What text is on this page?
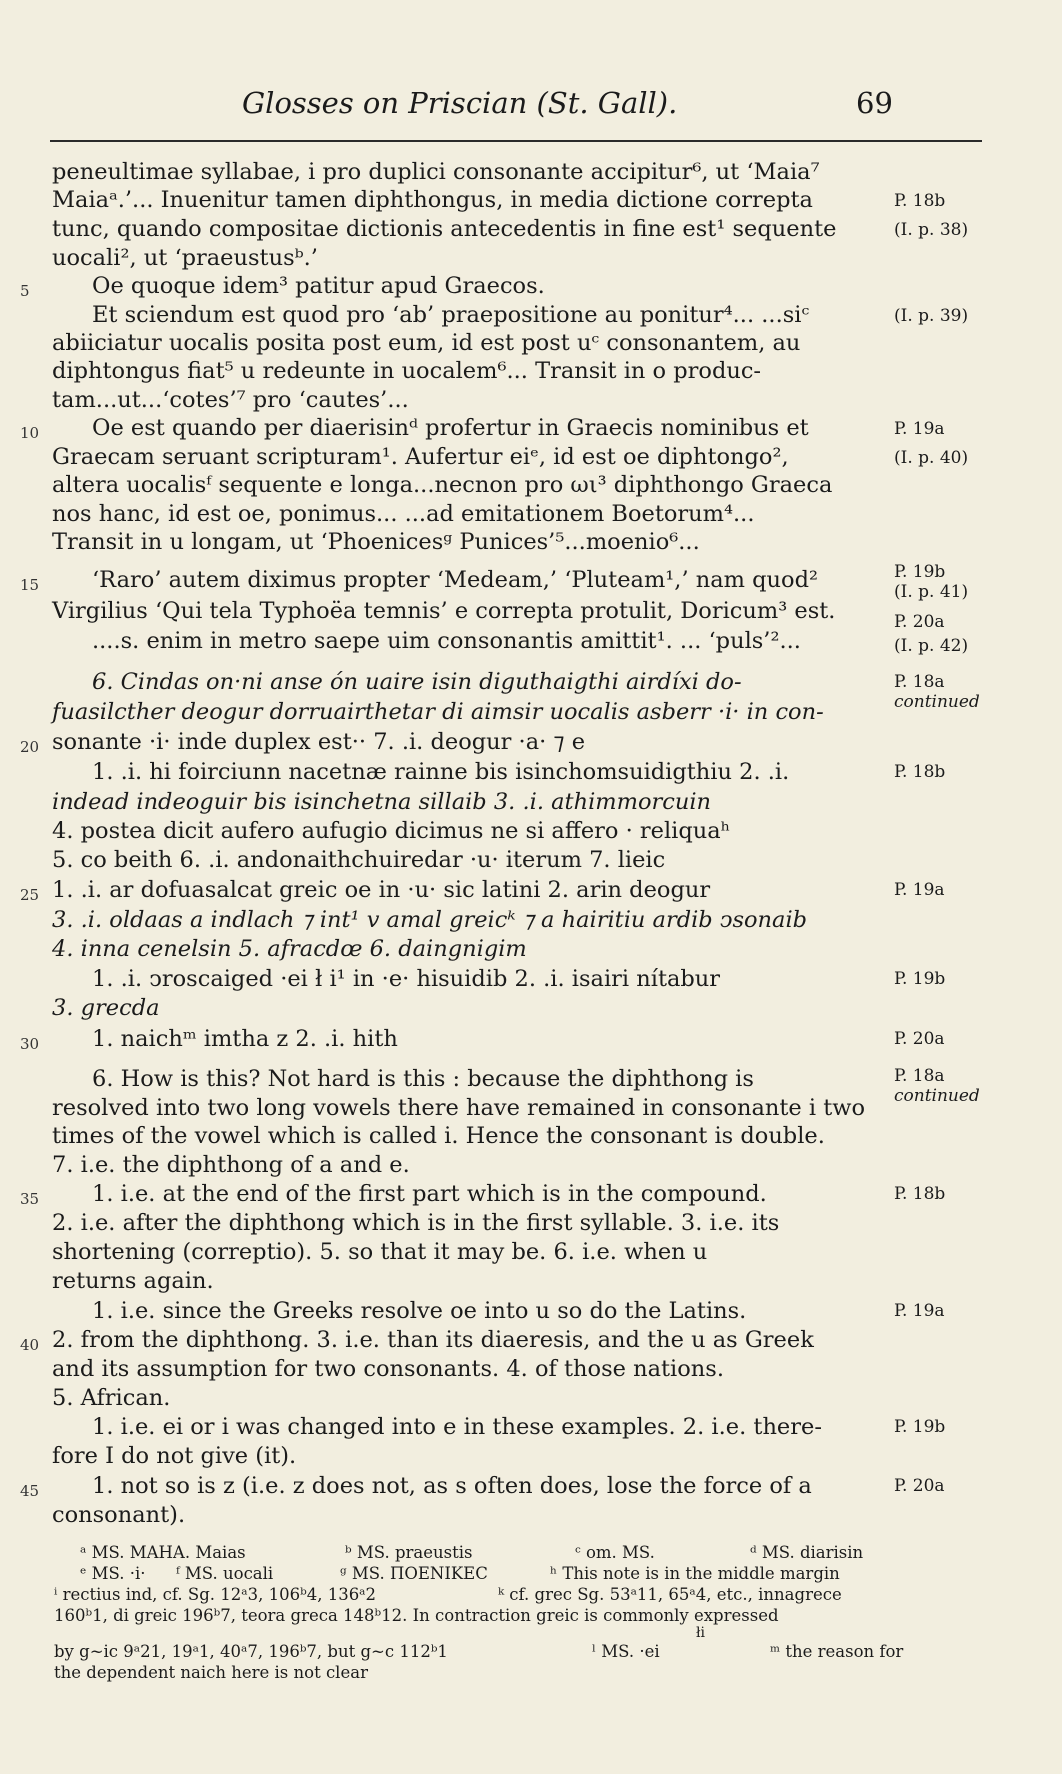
Glosses on Priscian (St. Gall).	69
peneultimae syllabae, i pro duplici consonante accipitur⁶, ut ‘Maia⁷
Maiaᵃ.’... Inuenitur tamen diphthongus, in media dictione correpta
tunc, quando compositae dictionis antecedentis in fine est¹ sequente
uocali², ut ‘praeustusᵇ.’
Oe quoque idem³ patitur apud Graecos.
Et sciendum est quod pro ‘ab’ praepositione au ponitur⁴... ...siᶜ
abiiciatur uocalis posita post eum, id est post uᶜ consonantem, au
diphtongus fiat⁵ u redeunte in uocalem⁶... Transit in o produc-
tam...ut...‘cotes’⁷ pro ‘cautes’...
Oe est quando per diaerisinᵈ profertur in Graecis nominibus et
Graecam seruant scripturam¹. Aufertur eiᵉ, id est oe diphtongo²,
altera uocalisᶠ sequente e longa...necnon pro ωι³ diphthongo Graeca
nos hanc, id est oe, ponimus... ...ad emitationem Boetorum⁴...
Transit in u longam, ut ‘Phoenicesᵍ Punices’⁵...moenio⁶...
‘Raro’ autem diximus propter ‘Medeam,’ ‘Pluteam¹,’ nam quod²
Virgilius ‘Qui tela Typhoëa temnis’ e correpta protulit, Doricum³ est.
....s. enim in metro saepe uim consonantis amittit¹. ... ‘puls’²...
6. Cindas on·ni anse ón uaire isin diguthaigthi airdíxi do-
fuasilcther deogur dorruairthetar di aimsir uocalis asberr ·i· in con-
sonante ·i· inde duplex est·· 7. .i. deogur ·a· ⁊ e
1. .i. hi foirciunn nacetnæ rainne bis isinchomsuidigthiu 2. .i.
indead indeoguir bis isinchetna sillaib 3. .i. athimmorcuin
4. postea dicit aufero aufugio dicimus ne si affero · reliquaʰ
5. co beith 6. .i. andonaithchuiredar ·u· iterum 7. lieic
1. .i. ar dofuasalcat greic oe in ·u· sic latini 2. arin deogur
3. .i. oldaas a indlach ⁊ int¹ v amal greicᵏ ⁊ a hairitiu ardib ↄsonaib
4. inna cenelsin 5. afracdœ 6. daingnigim
1. .i. ↄroscaiged ·ei ł i¹ in ·e· hisuidib 2. .i. isairi nítabur
3. grecda
1. naichᵐ imtha z 2. .i. hith
6. How is this? Not hard is this : because the diphthong is
resolved into two long vowels there have remained in consonante i two
times of the vowel which is called i. Hence the consonant is double.
7. i.e. the diphthong of a and e.
1. i.e. at the end of the first part which is in the compound.
2. i.e. after the diphthong which is in the first syllable. 3. i.e. its
shortening (correptio). 5. so that it may be. 6. i.e. when u
returns again.
1. i.e. since the Greeks resolve oe into u so do the Latins.
2. from the diphthong. 3. i.e. than its diaeresis, and the u as Greek
and its assumption for two consonants. 4. of those nations.
5. African.
1. i.e. ei or i was changed into e in these examples. 2. i.e. there-
fore I do not give (it).
1. not so is z (i.e. z does not, as s often does, lose the force of a
consonant).
5
10
15
20
25
30
35
40
45
P. 18b
(I. p. 38)
(I. p. 39)
P. 19a
(I. p. 40)
P. 19b
(I. p. 41)
P. 20a
(I. p. 42)
P. 18a
continued
P. 18b
P. 19a
P. 19b
P. 20a
P. 18a
continued
P. 18b
P. 19a
P. 19b
P. 20a
ᵃ MS. MAHA. Maias	ᵇ MS. praeustis	ᶜ om. MS.	ᵈ MS. diarisin
ᵉ MS. ·i· ᶠ MS. uocali	ᵍ MS. ΠΟΕΝΙΚΕC	ʰ This note is in the middle margin
ⁱ rectius ind, cf. Sg. 12ᵃ3, 106ᵇ4, 136ᵃ2	ᵏ cf. grec Sg. 53ᵃ11, 65ᵃ4, etc., innagrece
160ᵇ1, di greic 196ᵇ7, teora greca 148ᵇ12. In contraction greic is commonly expressed
łi
by g~ic 9ᵃ21, 19ᵃ1, 40ᵃ7, 196ᵇ7, but g~c 112ᵇ1	ˡ MS. ·ei	ᵐ the reason for
the dependent naich here is not clear
